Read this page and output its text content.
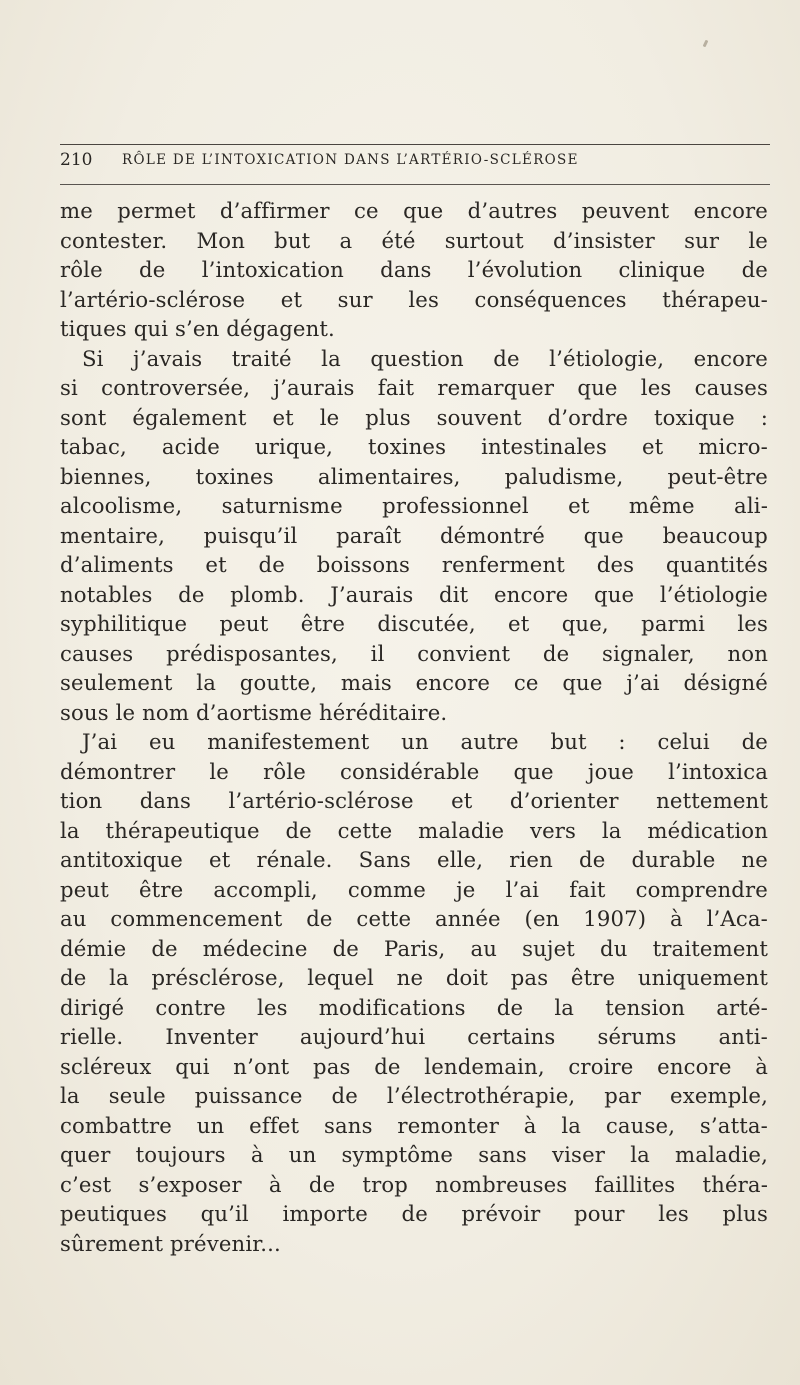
210 RÔLE DE L’INTOXICATION DANS L’ARTÉRIO-SCLÉROSE
me permet d’affirmer ce que d’autres peuvent encore
contester. Mon but a été surtout d’insister sur le
rôle de l’intoxication dans l’évolution clinique de
l’artério-sclérose et sur les conséquences thérapeu-
tiques qui s’en dégagent.
Si j’avais traité la question de l’étiologie, encore
si controversée, j’aurais fait remarquer que les causes
sont également et le plus souvent d’ordre toxique :
tabac, acide urique, toxines intestinales et micro-
biennes, toxines alimentaires, paludisme, peut-être
alcoolisme, saturnisme professionnel et même ali-
mentaire, puisqu’il paraît démontré que beaucoup
d’aliments et de boissons renferment des quantités
notables de plomb. J’aurais dit encore que l’étiologie
syphilitique peut être discutée, et que, parmi les
causes prédisposantes, il convient de signaler, non
seulement la goutte, mais encore ce que j’ai désigné
sous le nom d’aortisme héréditaire.
J’ai eu manifestement un autre but : celui de
démontrer le rôle considérable que joue l’intoxica
tion dans l’artério-sclérose et d’orienter nettement
la thérapeutique de cette maladie vers la médication
antitoxique et rénale. Sans elle, rien de durable ne
peut être accompli, comme je l’ai fait comprendre
au commencement de cette année (en 1907) à l’Aca-
démie de médecine de Paris, au sujet du traitement
de la présclérose, lequel ne doit pas être uniquement
dirigé contre les modifications de la tension arté-
rielle. Inventer aujourd’hui certains sérums anti-
scléreux qui n’ont pas de lendemain, croire encore à
la seule puissance de l’électrothérapie, par exemple,
combattre un effet sans remonter à la cause, s’atta-
quer toujours à un symptôme sans viser la maladie,
c’est s’exposer à de trop nombreuses faillites théra-
peutiques qu’il importe de prévoir pour les plus
sûrement prévenir...
